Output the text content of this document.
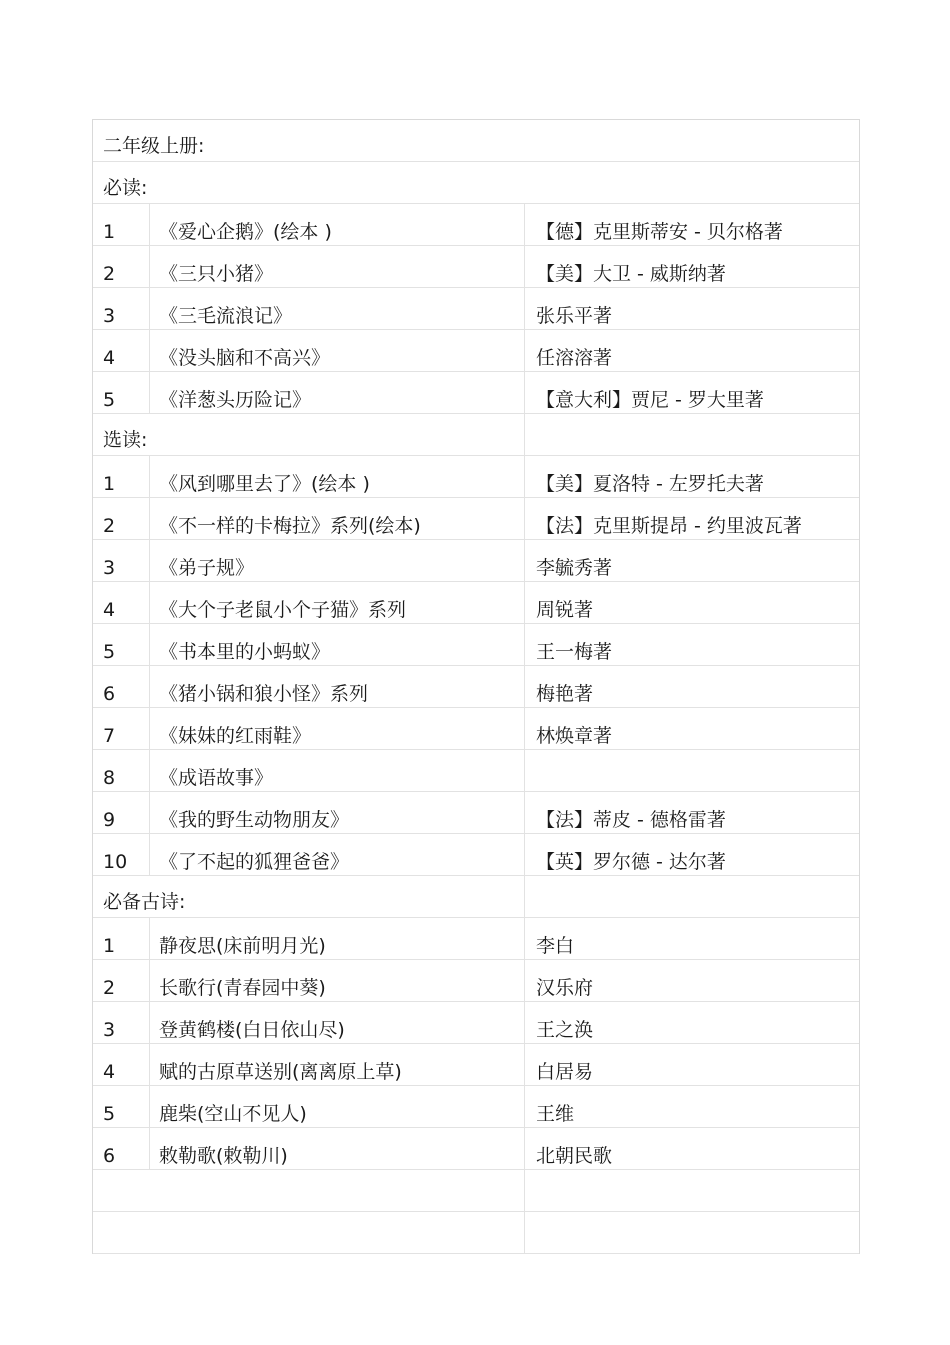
二年级上册:
必读:
1	《爱心企鹅》(绘本 )	【德】克里斯蒂安 - 贝尔格著
2	《三只小猪》	【美】大卫 - 威斯纳著
3	《三毛流浪记》	张乐平著
4	《没头脑和不高兴》	任溶溶著
5	《洋葱头历险记》	【意大利】贾尼 - 罗大里著
选读:
1	《风到哪里去了》(绘本 )	【美】夏洛特 - 左罗托夫著
2	《不一样的卡梅拉》系列(绘本)	【法】克里斯提昂 - 约里波瓦著
3	《弟子规》	李毓秀著
4	《大个子老鼠小个子猫》系列	周锐著
5	《书本里的小蚂蚁》	王一梅著
6	《猪小锅和狼小怪》系列	梅艳著
7	《妹妹的红雨鞋》	林焕章著
8	《成语故事》
9	《我的野生动物朋友》	【法】蒂皮 - 德格雷著
10	《了不起的狐狸爸爸》	【英】罗尔德 - 达尔著
必备古诗:
1	静夜思(床前明月光)	李白
2	长歌行(青春园中葵)	汉乐府
3	登黄鹤楼(白日依山尽)	王之涣
4	赋的古原草送别(离离原上草)	白居易
5	鹿柴(空山不见人)	王维
6	敕勒歌(敕勒川)	北朝民歌
